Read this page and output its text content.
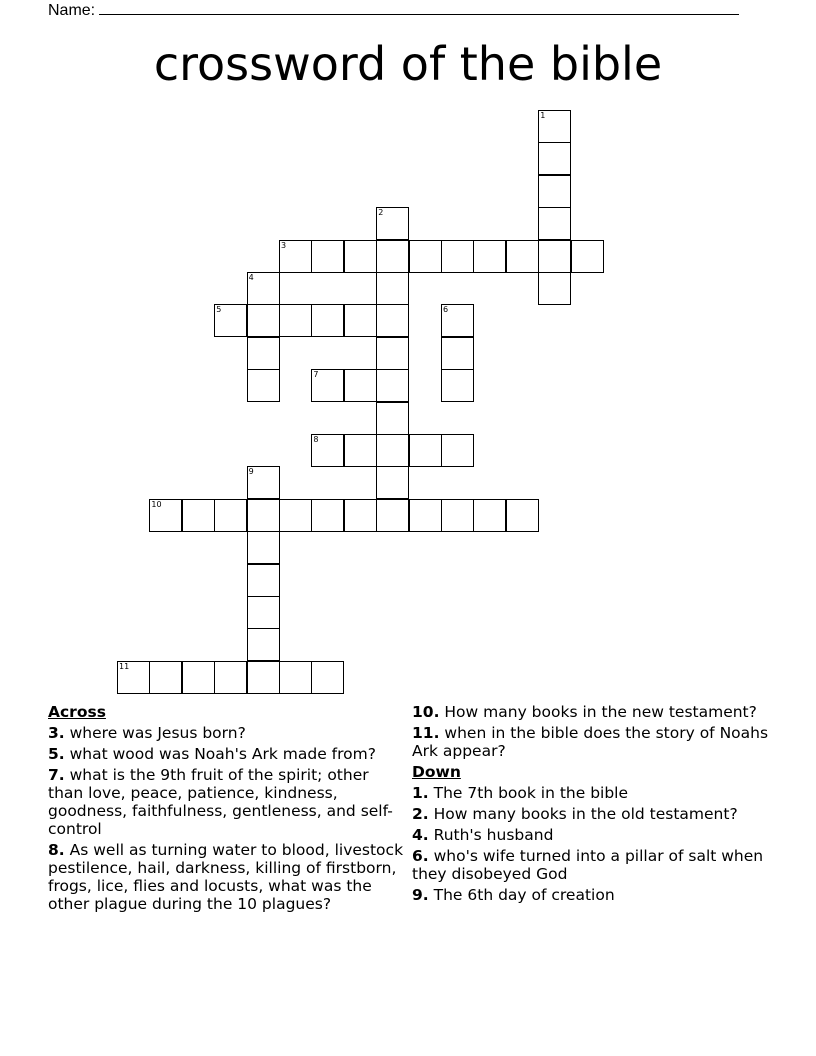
Name:
crossword of the bible
1
2
3
4
5	6
7
8
9
10
11
Across
3. where was Jesus born?
5. what wood was Noah's Ark made from?
7. what is the 9th fruit of the spirit; other than love, peace, patience, kindness, goodness, faithfulness, gentleness, and self-control
8. As well as turning water to blood, livestock pestilence, hail, darkness, killing of firstborn, frogs, lice, flies and locusts, what was the other plague during the 10 plagues?
10. How many books in the new testament?
11. when in the bible does the story of Noahs Ark appear?
Down
1. The 7th book in the bible
2. How many books in the old testament?
4. Ruth's husband
6. who's wife turned into a pillar of salt when they disobeyed God
9. The 6th day of creation
